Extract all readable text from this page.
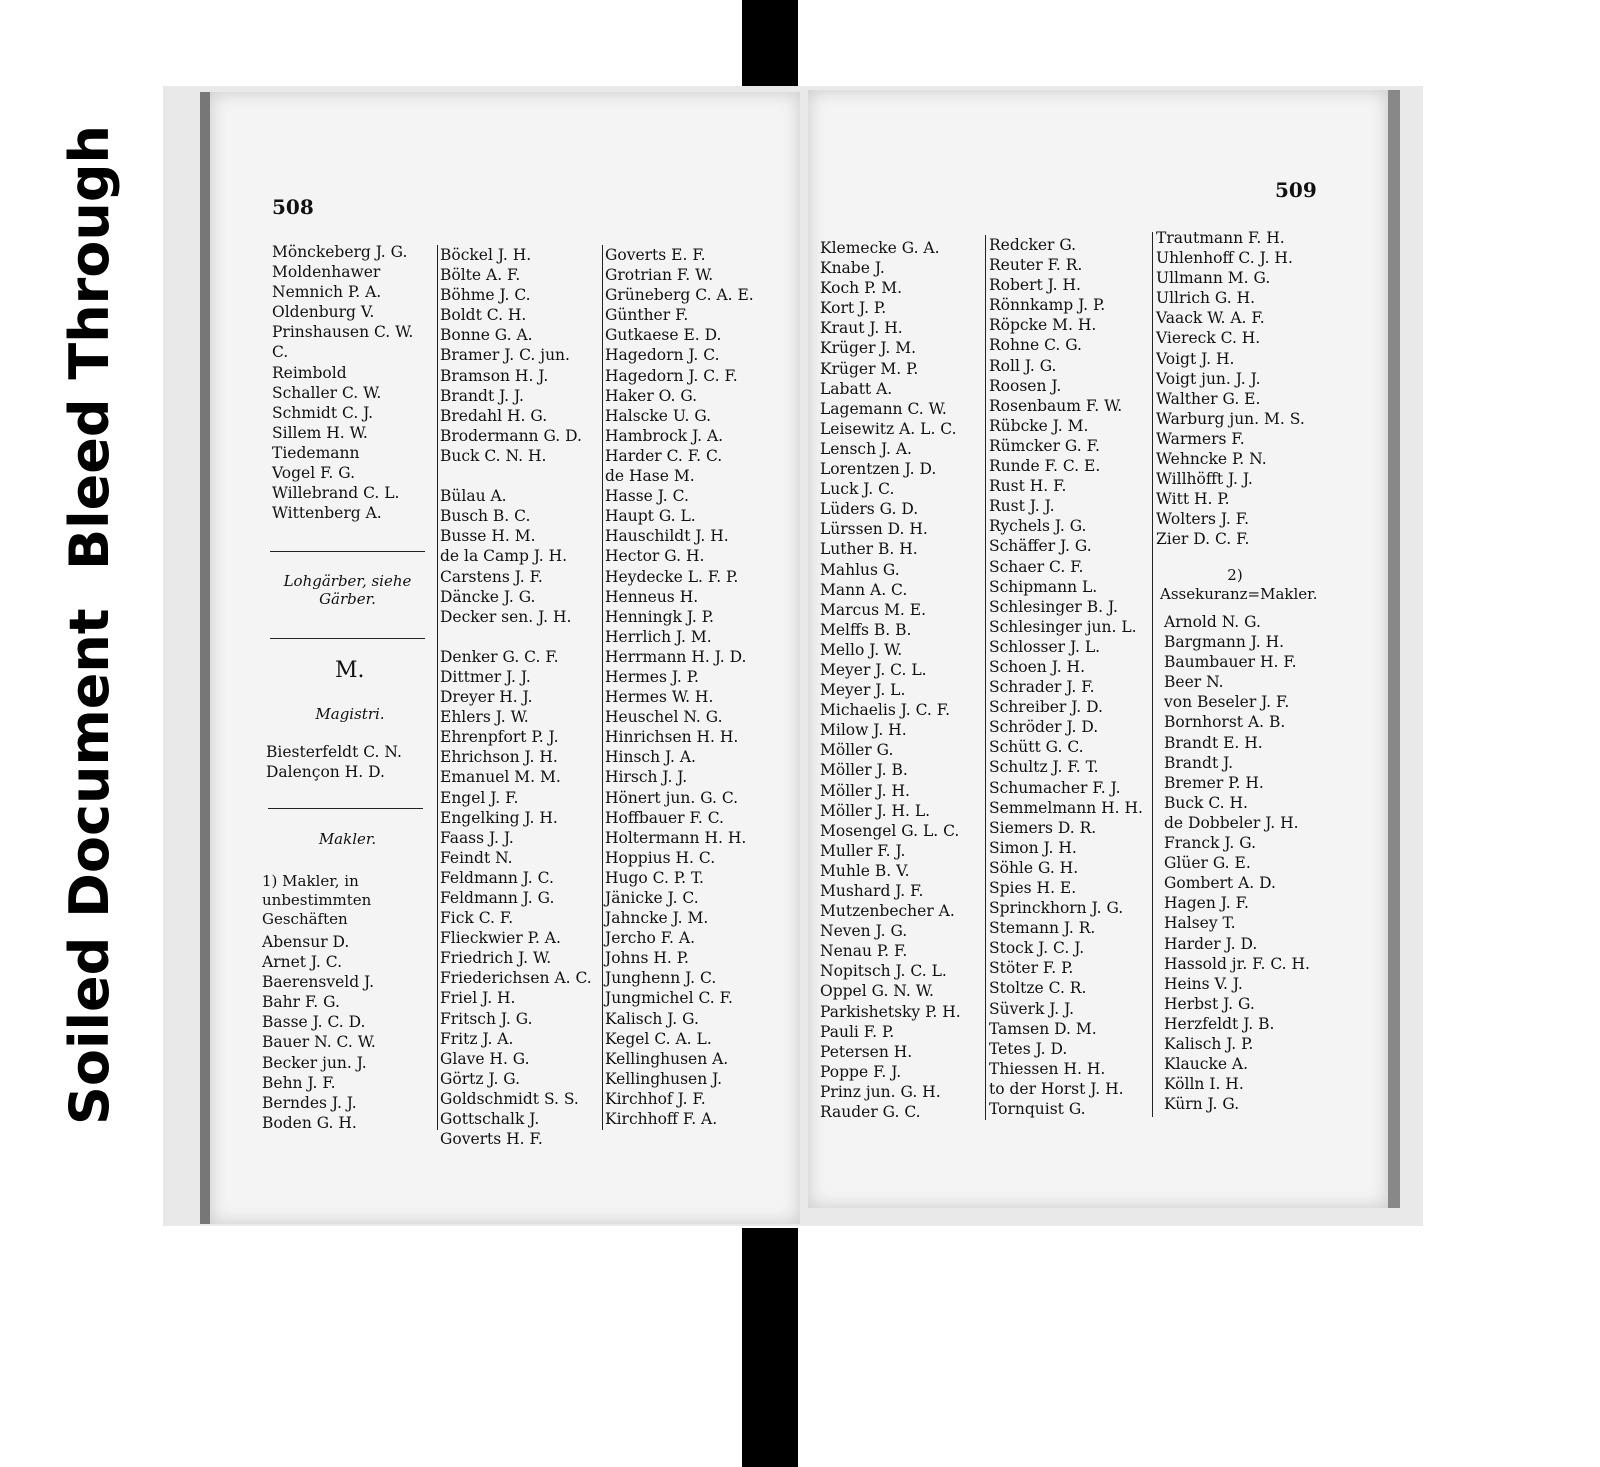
Bleed Through
Soiled Document
508
Mönckeberg J. G.
Moldenhawer
Nemnich P. A.
Oldenburg V.
Prinshausen C. W.
C.
Reimbold
Schaller C. W.
Schmidt C. J.
Sillem H. W.
Tiedemann
Vogel F. G.
Willebrand C. L.
Wittenberg A.
Lohgärber, siehe Gärber.
M.
Magistri.
Biesterfeldt C. N.
Dalençon H. D.
Makler.
1) Makler, in unbestimmten Geschäften
Abensur D.
Arnet J. C.
Baerensveld J.
Bahr F. G.
Basse J. C. D.
Bauer N. C. W.
Becker jun. J.
Behn J. F.
Berndes J. J.
Boden G. H.
Böckel J. H.
Bölte A. F.
Böhme J. C.
Boldt C. H.
Bonne G. A.
Bramer J. C. jun.
Bramson H. J.
Brandt J. J.
Bredahl H. G.
Brodermann G. D.
Buck C. N. H.
Bülau A.
Busch B. C.
Busse H. M.
de la Camp J. H.
Carstens J. F.
Däncke J. G.
Decker sen. J. H.
Denker G. C. F.
Dittmer J. J.
Dreyer H. J.
Ehlers J. W.
Ehrenpfort P. J.
Ehrichson J. H.
Emanuel M. M.
Engel J. F.
Engelking J. H.
Faass J. J.
Feindt N.
Feldmann J. C.
Feldmann J. G.
Fick C. F.
Flieckwier P. A.
Friedrich J. W.
Friederichsen A. C.
Friel J. H.
Fritsch J. G.
Fritz J. A.
Glave H. G.
Görtz J. G.
Goldschmidt S. S.
Gottschalk J.
Goverts H. F.
Goverts E. F.
Grotrian F. W.
Grüneberg C. A. E.
Günther F.
Gutkaese E. D.
Hagedorn J. C.
Hagedorn J. C. F.
Haker O. G.
Halscke U. G.
Hambrock J. A.
Harder C. F. C.
de Hase M.
Hasse J. C.
Haupt G. L.
Hauschildt J. H.
Hector G. H.
Heydecke L. F. P.
Henneus H.
Henningk J. P.
Herrlich J. M.
Herrmann H. J. D.
Hermes J. P.
Hermes W. H.
Heuschel N. G.
Hinrichsen H. H.
Hinsch J. A.
Hirsch J. J.
Hönert jun. G. C.
Hoffbauer F. C.
Holtermann H. H.
Hoppius H. C.
Hugo C. P. T.
Jänicke J. C.
Jahncke J. M.
Jercho F. A.
Johns H. P.
Junghenn J. C.
Jungmichel C. F.
Kalisch J. G.
Kegel C. A. L.
Kellinghusen A.
Kellinghusen J.
Kirchhof J. F.
Kirchhoff F. A.
509
Klemecke G. A.
Knabe J.
Koch P. M.
Kort J. P.
Kraut J. H.
Krüger J. M.
Krüger M. P.
Labatt A.
Lagemann C. W.
Leisewitz A. L. C.
Lensch J. A.
Lorentzen J. D.
Luck J. C.
Lüders G. D.
Lürssen D. H.
Luther B. H.
Mahlus G.
Mann A. C.
Marcus M. E.
Melffs B. B.
Mello J. W.
Meyer J. C. L.
Meyer J. L.
Michaelis J. C. F.
Milow J. H.
Möller G.
Möller J. B.
Möller J. H.
Möller J. H. L.
Mosengel G. L. C.
Muller F. J.
Muhle B. V.
Mushard J. F.
Mutzenbecher A.
Neven J. G.
Nenau P. F.
Nopitsch J. C. L.
Oppel G. N. W.
Parkishetsky P. H.
Pauli F. P.
Petersen H.
Poppe F. J.
Prinz jun. G. H.
Rauder G. C.
Redcker G.
Reuter F. R.
Robert J. H.
Rönnkamp J. P.
Röpcke M. H.
Rohne C. G.
Roll J. G.
Roosen J.
Rosenbaum F. W.
Rübcke J. M.
Rümcker G. F.
Runde F. C. E.
Rust H. F.
Rust J. J.
Rychels J. G.
Schäffer J. G.
Schaer C. F.
Schipmann L.
Schlesinger B. J.
Schlesinger jun. L.
Schlosser J. L.
Schoen J. H.
Schrader J. F.
Schreiber J. D.
Schröder J. D.
Schütt G. C.
Schultz J. F. T.
Schumacher F. J.
Semmelmann H. H.
Siemers D. R.
Simon J. H.
Söhle G. H.
Spies H. E.
Sprinckhorn J. G.
Stemann J. R.
Stock J. C. J.
Stöter F. P.
Stoltze C. R.
Süverk J. J.
Tamsen D. M.
Tetes J. D.
Thiessen H. H.
to der Horst J. H.
Tornquist G.
Trautmann F. H.
Uhlenhoff C. J. H.
Ullmann M. G.
Ullrich G. H.
Vaack W. A. F.
Viereck C. H.
Voigt J. H.
Voigt jun. J. J.
Walther G. E.
Warburg jun. M. S.
Warmers F.
Wehncke P. N.
Willhöfft J. J.
Witt H. P.
Wolters J. F.
Zier D. C. F.
2) Assekuranz=Makler.
Arnold N. G.
Bargmann J. H.
Baumbauer H. F.
Beer N.
von Beseler J. F.
Bornhorst A. B.
Brandt E. H.
Brandt J.
Bremer P. H.
Buck C. H.
de Dobbeler J. H.
Franck J. G.
Glüer G. E.
Gombert A. D.
Hagen J. F.
Halsey T.
Harder J. D.
Hassold jr. F. C. H.
Heins V. J.
Herbst J. G.
Herzfeldt J. B.
Kalisch J. P.
Klaucke A.
Kölln I. H.
Kürn J. G.
